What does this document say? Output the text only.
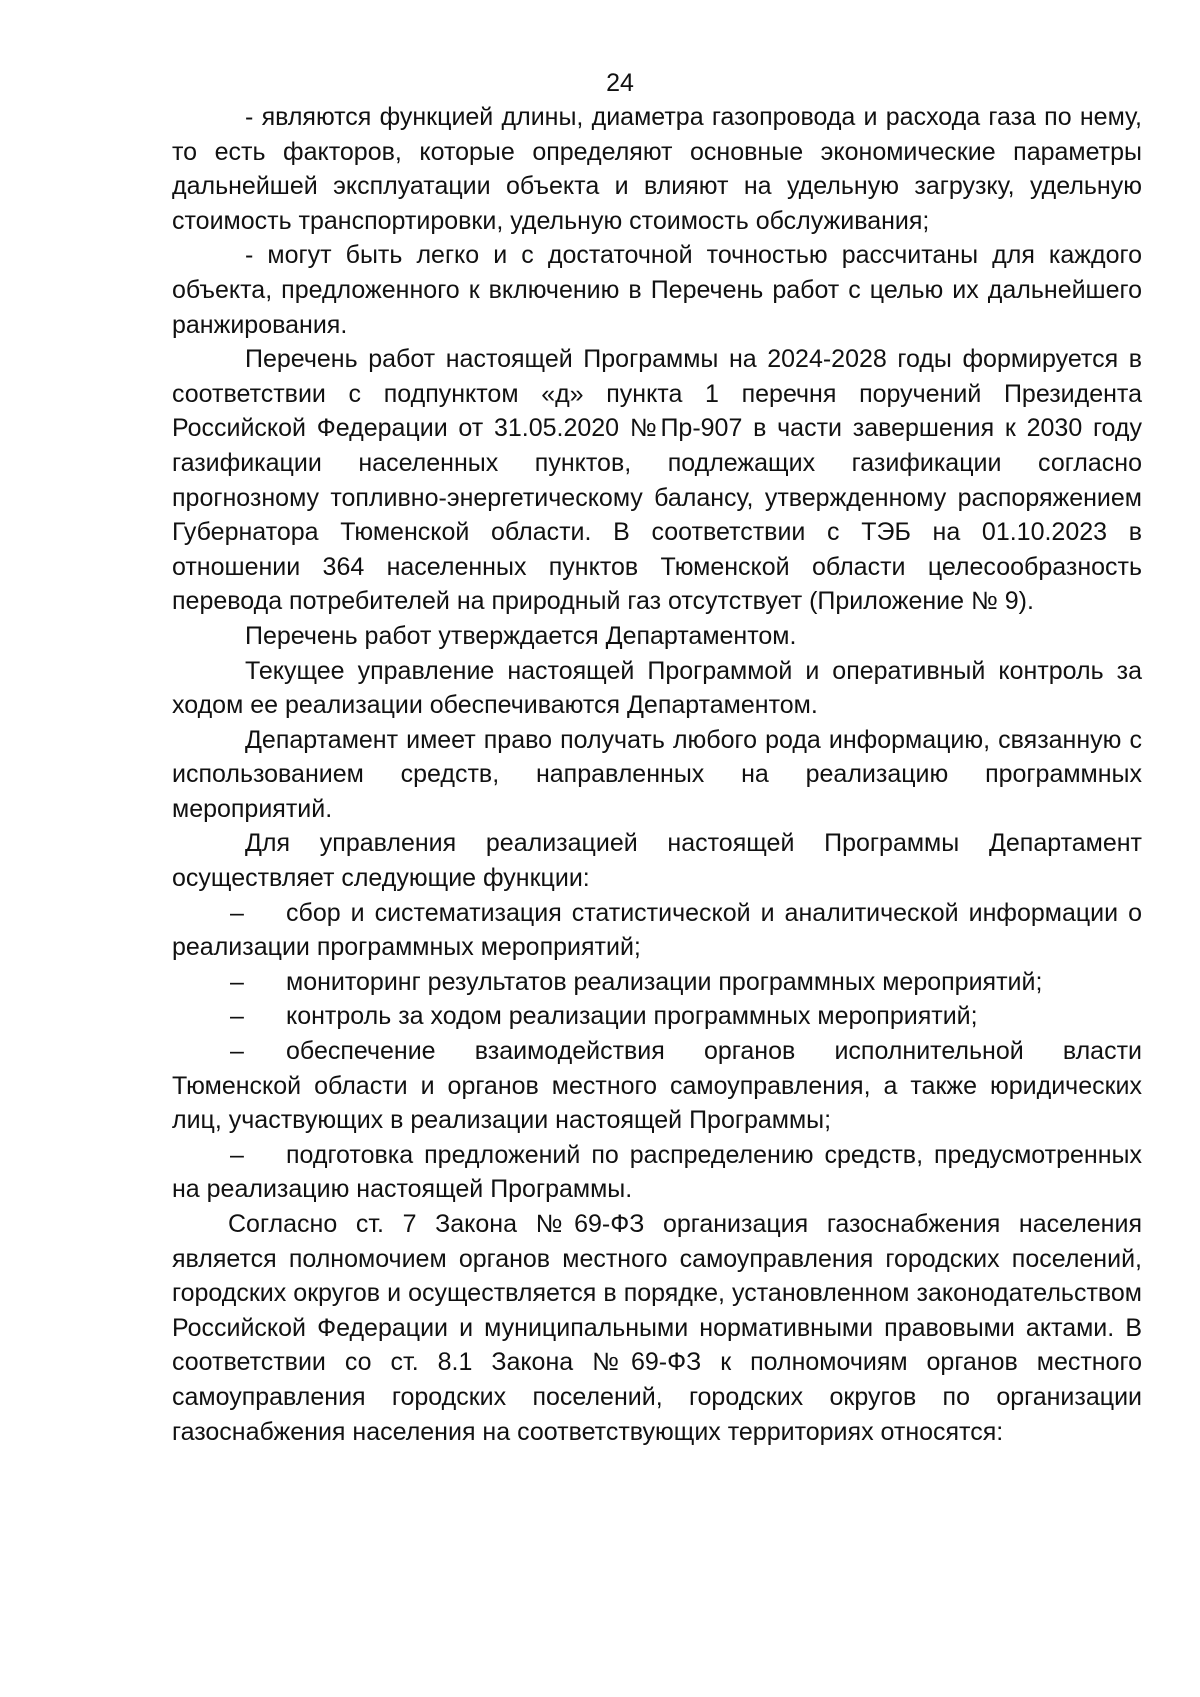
24

- являются функцией длины, диаметра газопровода и расхода газа по нему, то есть факторов, которые определяют основные экономические параметры дальнейшей эксплуатации объекта и влияют на удельную загрузку, удельную стоимость транспортировки, удельную стоимость обслуживания;

- могут быть легко и с достаточной точностью рассчитаны для каждого объекта, предложенного к включению в Перечень работ с целью их дальнейшего ранжирования.

Перечень работ настоящей Программы на 2024-2028 годы формируется в соответствии с подпунктом «д» пункта 1 перечня поручений Президента Российской Федерации от 31.05.2020 №Пр-907 в части завершения к 2030 году газификации населенных пунктов, подлежащих газификации согласно прогнозному топливно-энергетическому балансу, утвержденному распоряжением Губернатора Тюменской области. В соответствии с ТЭБ на 01.10.2023 в отношении 364 населенных пунктов Тюменской области целесообразность перевода потребителей на природный газ отсутствует (Приложение № 9).

Перечень работ утверждается Департаментом.

Текущее управление настоящей Программой и оперативный контроль за ходом ее реализации обеспечиваются Департаментом.

Департамент имеет право получать любого рода информацию, связанную с использованием средств, направленных на реализацию программных мероприятий.

Для управления реализацией настоящей Программы Департамент осуществляет следующие функции:

– сбор и систематизация статистической и аналитической информации о реализации программных мероприятий;

– мониторинг результатов реализации программных мероприятий;

– контроль за ходом реализации программных мероприятий;

– обеспечение взаимодействия органов исполнительной власти Тюменской области и органов местного самоуправления, а также юридических лиц, участвующих в реализации настоящей Программы;

– подготовка предложений по распределению средств, предусмотренных на реализацию настоящей Программы.

Согласно ст. 7 Закона №69-ФЗ организация газоснабжения населения является полномочием органов местного самоуправления городских поселений, городских округов и осуществляется в порядке, установленном законодательством Российской Федерации и муниципальными нормативными правовыми актами. В соответствии со ст. 8.1 Закона №69-ФЗ к полномочиям органов местного самоуправления городских поселений, городских округов по организации газоснабжения населения на соответствующих территориях относятся:
